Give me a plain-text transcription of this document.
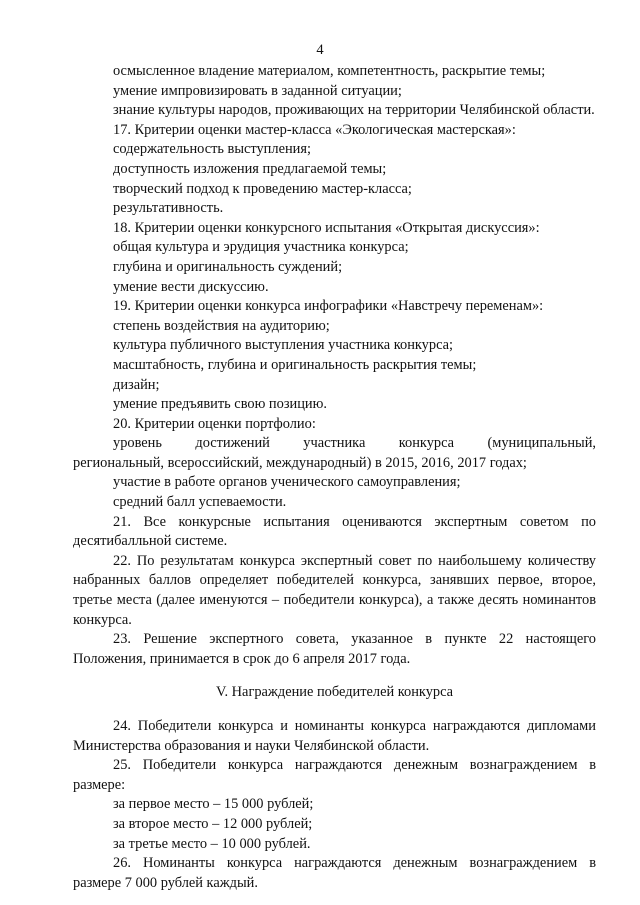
4

осмысленное владение материалом, компетентность, раскрытие темы;

умение импровизировать в заданной ситуации;

знание культуры народов, проживающих на территории Челябинской области.

17. Критерии оценки мастер-класса «Экологическая мастерская»:

содержательность выступления;

доступность изложения предлагаемой темы;

творческий подход к проведению мастер-класса;

результативность.

18. Критерии оценки конкурсного испытания «Открытая дискуссия»:

общая культура и эрудиция участника конкурса;

глубина и оригинальность суждений;

умение вести дискуссию.

19. Критерии оценки конкурса инфографики «Навстречу переменам»:

степень воздействия на аудиторию;

культура публичного выступления участника конкурса;

масштабность, глубина и оригинальность раскрытия темы;

дизайн;

умение предъявить свою позицию.

20. Критерии оценки портфолио:

уровень достижений участника конкурса (муниципальный,

региональный, всероссийский, международный) в 2015, 2016, 2017 годах;

участие в работе органов ученического самоуправления;

средний балл успеваемости.

21. Все конкурсные испытания оцениваются экспертным советом по десятибалльной системе.

22. По результатам конкурса экспертный совет по наибольшему количеству набранных баллов определяет победителей конкурса, занявших первое, второе, третье места (далее именуются – победители конкурса), а также десять номинантов конкурса.

23. Решение экспертного совета, указанное в пункте 22 настоящего Положения, принимается в срок до 6 апреля 2017 года.

V. Награждение победителей конкурса

24. Победители конкурса и номинанты конкурса награждаются дипломами Министерства образования и науки Челябинской области.

25. Победители конкурса награждаются денежным вознаграждением в размере:

за первое место – 15 000 рублей;

за второе место – 12 000 рублей;

за третье место – 10 000 рублей.

26. Номинанты конкурса награждаются денежным вознаграждением в размере 7 000 рублей каждый.
